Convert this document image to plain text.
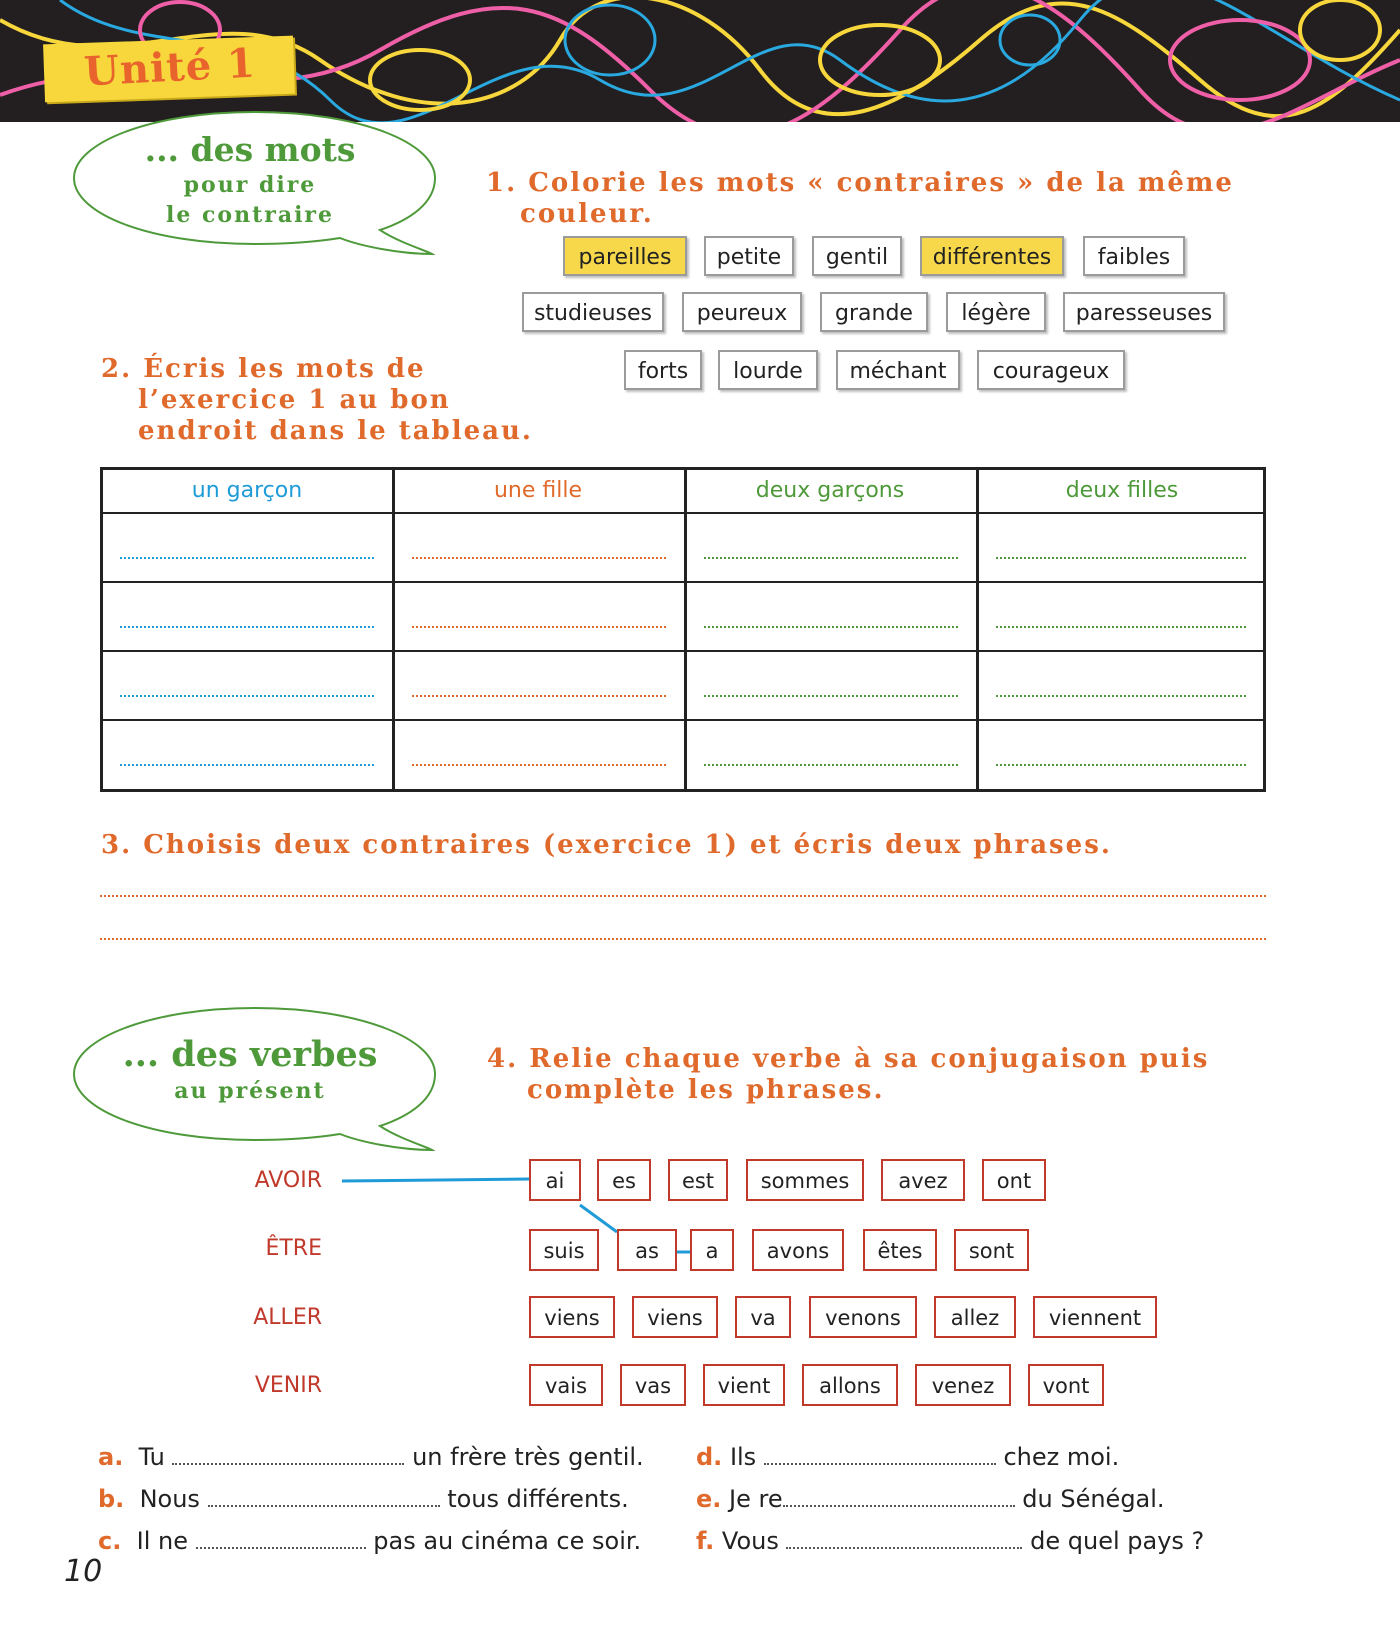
Unité 1
... des mots
pour dire
le contraire
1. Colorie les mots « contraires » de la même
couleur.
pareilles	petite	gentil	différentes	faibles
studieuses	peureux	grande	légère	paresseuses
forts	lourde	méchant	courageux
2. Écris les mots de
l’exercice 1 au bon
endroit dans le tableau.
un garçon	une fille	deux garçons	deux filles
3. Choisis deux contraires (exercice 1) et écris deux phrases.
... des verbes
au présent
4. Relie chaque verbe à sa conjugaison puis
complète les phrases.
AVOIR
ÊTRE
ALLER
VENIR
ai	es	est	sommes	avez	ont
suis	as	a	avons	êtes	sont
viens	viens	va	venons	allez	viennent
vais	vas	vient	allons	venez	vont
a. Tu	un frère très gentil.
b. Nous	tous différents.
c. Il ne	pas au cinéma ce soir.
d. Ils	chez moi.
e. Je re	du Sénégal.
f. Vous	de quel pays ?
10
